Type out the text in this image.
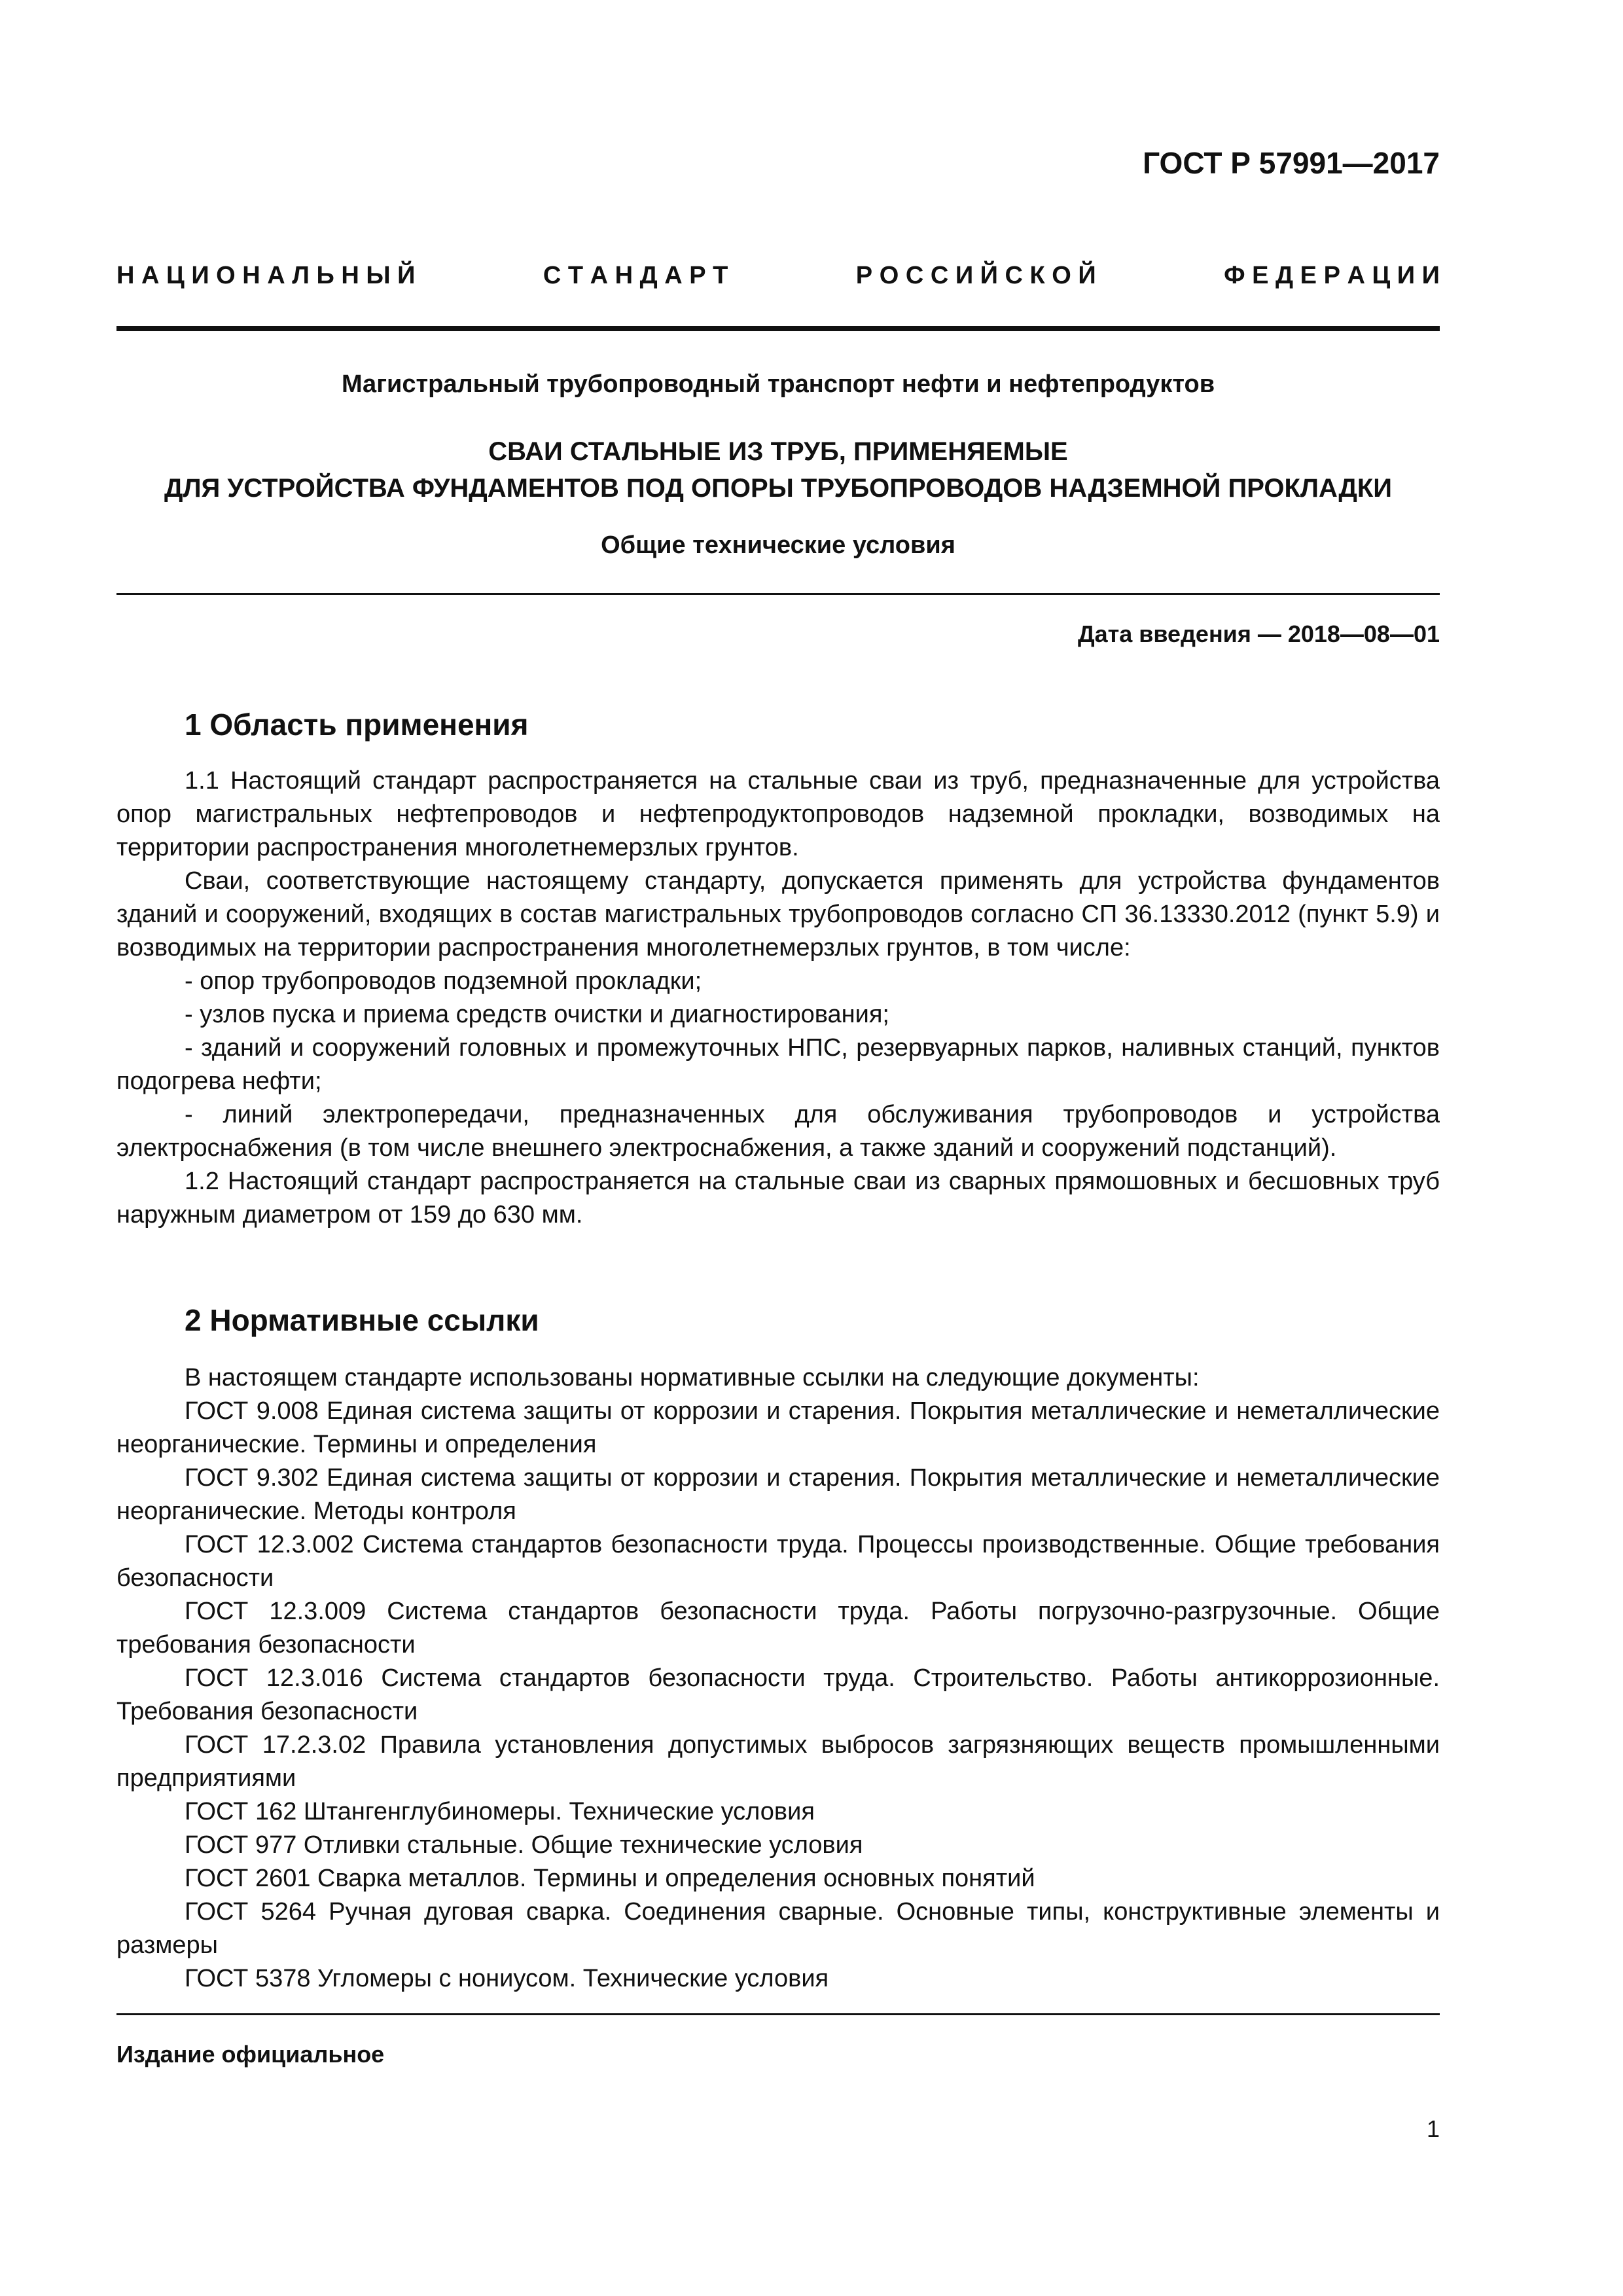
ГОСТ Р 57991—2017
Н А Ц И О Н А Л Ь Н Ы Й	С Т А Н Д А Р Т	Р О С С И Й С К О Й	Ф Е Д Е Р А Ц И И
Магистральный трубопроводный транспорт нефти и нефтепродуктов
СВАИ СТАЛЬНЫЕ ИЗ ТРУБ, ПРИМЕНЯЕМЫЕ
ДЛЯ УСТРОЙСТВА ФУНДАМЕНТОВ ПОД ОПОРЫ ТРУБОПРОВОДОВ НАДЗЕМНОЙ ПРОКЛАДКИ
Общие технические условия
Дата введения — 2018—08—01
1 Область применения

1.1 Настоящий стандарт распространяется на стальные сваи из труб, предназначенные для устройства опор магистральных нефтепроводов и нефтепродуктопроводов надземной прокладки, возводимых на территории распространения многолетнемерзлых грунтов.

Сваи, соответствующие настоящему стандарту, допускается применять для устройства фундаментов зданий и сооружений, входящих в состав магистральных трубопроводов согласно СП 36.13330.2012 (пункт 5.9) и возводимых на территории распространения многолетнемерзлых грунтов, в том числе:

- опор трубопроводов подземной прокладки;

- узлов пуска и приема средств очистки и диагностирования;

- зданий и сооружений головных и промежуточных НПС, резервуарных парков, наливных станций, пунктов подогрева нефти;

- линий электропередачи, предназначенных для обслуживания трубопроводов и устройства электроснабжения (в том числе внешнего электроснабжения, а также зданий и сооружений подстанций).

1.2 Настоящий стандарт распространяется на стальные сваи из сварных прямошовных и бесшовных труб наружным диаметром от 159 до 630 мм.

2 Нормативные ссылки

В настоящем стандарте использованы нормативные ссылки на следующие документы:

ГОСТ 9.008 Единая система защиты от коррозии и старения. Покрытия металлические и неметаллические неорганические. Термины и определения

ГОСТ 9.302 Единая система защиты от коррозии и старения. Покрытия металлические и неметаллические неорганические. Методы контроля

ГОСТ 12.3.002 Система стандартов безопасности труда. Процессы производственные. Общие требования безопасности

ГОСТ 12.3.009 Система стандартов безопасности труда. Работы погрузочно-разгрузочные. Общие требования безопасности

ГОСТ 12.3.016 Система стандартов безопасности труда. Строительство. Работы антикоррозионные. Требования безопасности

ГОСТ 17.2.3.02 Правила установления допустимых выбросов загрязняющих веществ промышленными предприятиями

ГОСТ 162 Штангенглубиномеры. Технические условия

ГОСТ 977 Отливки стальные. Общие технические условия

ГОСТ 2601 Сварка металлов. Термины и определения основных понятий

ГОСТ 5264 Ручная дуговая сварка. Соединения сварные. Основные типы, конструктивные элементы и размеры

ГОСТ 5378 Угломеры с нониусом. Технические условия

Издание официальное
1
